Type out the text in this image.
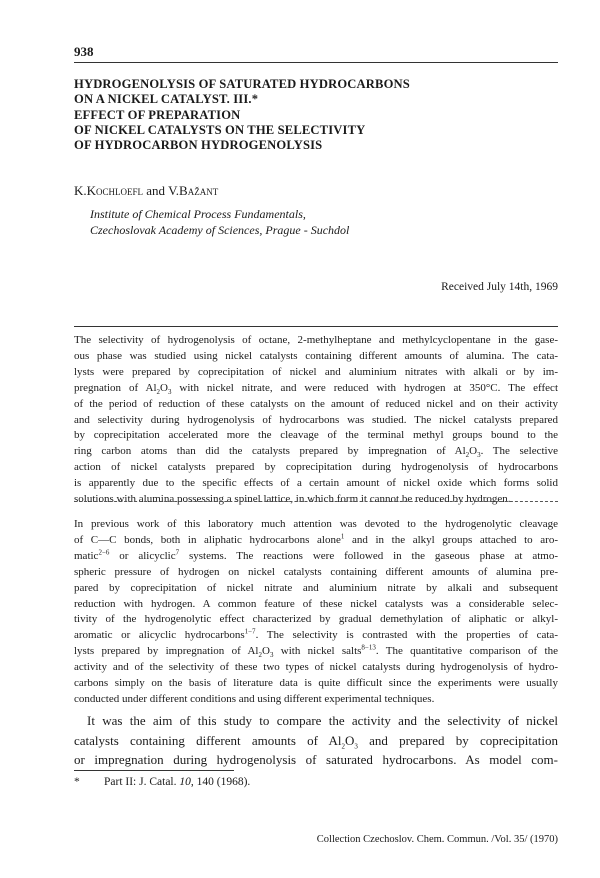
938
HYDROGENOLYSIS OF SATURATED HYDROCARBONS
ON A NICKEL CATALYST. III.*
EFFECT OF PREPARATION
OF NICKEL CATALYSTS ON THE SELECTIVITY
OF HYDROCARBON HYDROGENOLYSIS
K.Kochloefl and V.Bažant
Institute of Chemical Process Fundamentals,
Czechoslovak Academy of Sciences, Prague - Suchdol
Received July 14th, 1969
The selectivity of hydrogenolysis of octane, 2-methylheptane and methylcyclopentane in the gase-
ous phase was studied using nickel catalysts containing different amounts of alumina. The cata-
lysts were prepared by coprecipitation of nickel and aluminium nitrates with alkali or by im-
pregnation of $Al_2O_3$ with nickel nitrate, and were reduced with hydrogen at 350°C. The effect
of the period of reduction of these catalysts on the amount of reduced nickel and on their activity
and selectivity during hydrogenolysis of hydrocarbons was studied. The nickel catalysts prepared
by coprecipitation accelerated more the cleavage of the terminal methyl groups bound to the
ring carbon atoms than did the catalysts prepared by impregnation of $Al_2O_3$. The selective
action of nickel catalysts prepared by coprecipitation during hydrogenolysis of hydrocarbons
is apparently due to the specific effects of a certain amount of nickel oxide which forms solid
solutions with alumina possessing a spinel lattice, in which form it cannot be reduced by hydrogen.
In previous work of this laboratory much attention was devoted to the hydrogenolytic cleavage
of C—C bonds, both in aliphatic hydrocarbons alone$^1$ and in the alkyl groups attached to aro-
matic$^{2-6}$ or alicyclic$^7$ systems. The reactions were followed in the gaseous phase at atmo-
spheric pressure of hydrogen on nickel catalysts containing different amounts of alumina pre-
pared by coprecipitation of nickel nitrate and aluminium nitrate by alkali and subsequent
reduction with hydrogen. A common feature of these nickel catalysts was a considerable selec-
tivity of the hydrogenolytic effect characterized by gradual demethylation of aliphatic or alkyl-
aromatic or alicyclic hydrocarbons$^{1-7}$. The selectivity is contrasted with the properties of cata-
lysts prepared by impregnation of $Al_2O_3$ with nickel salts$^{8-13}$. The quantitative comparison of the
activity and of the selectivity of these two types of nickel catalysts during hydrogenolysis of hydro-
carbons simply on the basis of literature data is quite difficult since the experiments were usually
conducted under different conditions and using different experimental techniques.
It was the aim of this study to compare the activity and the selectivity of nickel
catalysts containing different amounts of $Al_2O_3$ and prepared by coprecipitation
or impregnation during hydrogenolysis of saturated hydrocarbons. As model com-
* Part II: J. Catal. 10, 140 (1968).
Collection Czechoslov. Chem. Commun. /Vol. 35/ (1970)
